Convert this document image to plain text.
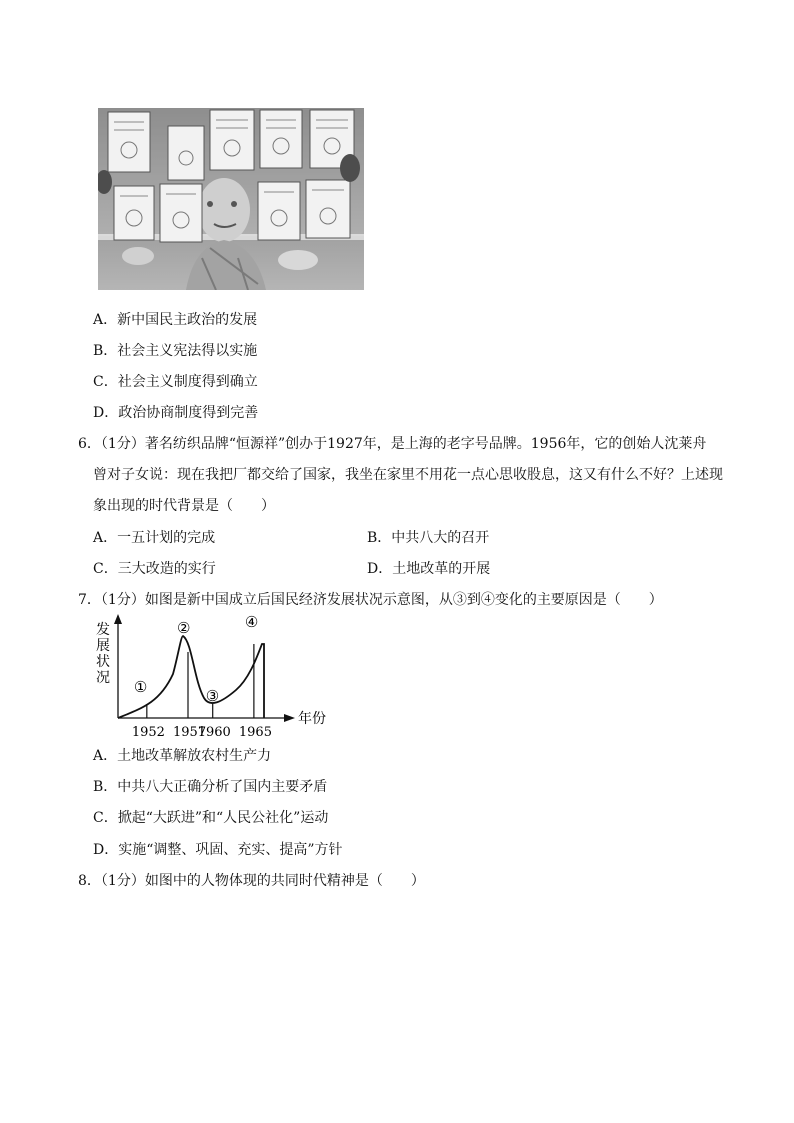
A．新中国民主政治的发展
B．社会主义宪法得以实施
C．社会主义制度得到确立
D．政治协商制度得到完善
6．（1分）著名纺织品牌“恒源祥”创办于1927年，是上海的老字号品牌。1956年，它的创始人沈莱舟
曾对子女说：现在我把厂都交给了国家，我坐在家里不用花一点心思收股息，这又有什么不好？上述现
象出现的时代背景是（　　）
A．一五计划的完成	B．中共八大的召开
C．三大改造的实行	D．土地改革的开展
7．（1分）如图是新中国成立后国民经济发展状况示意图，从③到④变化的主要原因是（　　）
发
展
状
况
年份
1952 1957
1960 1965
①
②
③
④
A．土地改革解放农村生产力
B．中共八大正确分析了国内主要矛盾
C．掀起“大跃进”和“人民公社化”运动
D．实施“调整、巩固、充实、提高”方针
8．（1分）如图中的人物体现的共同时代精神是（　　）
